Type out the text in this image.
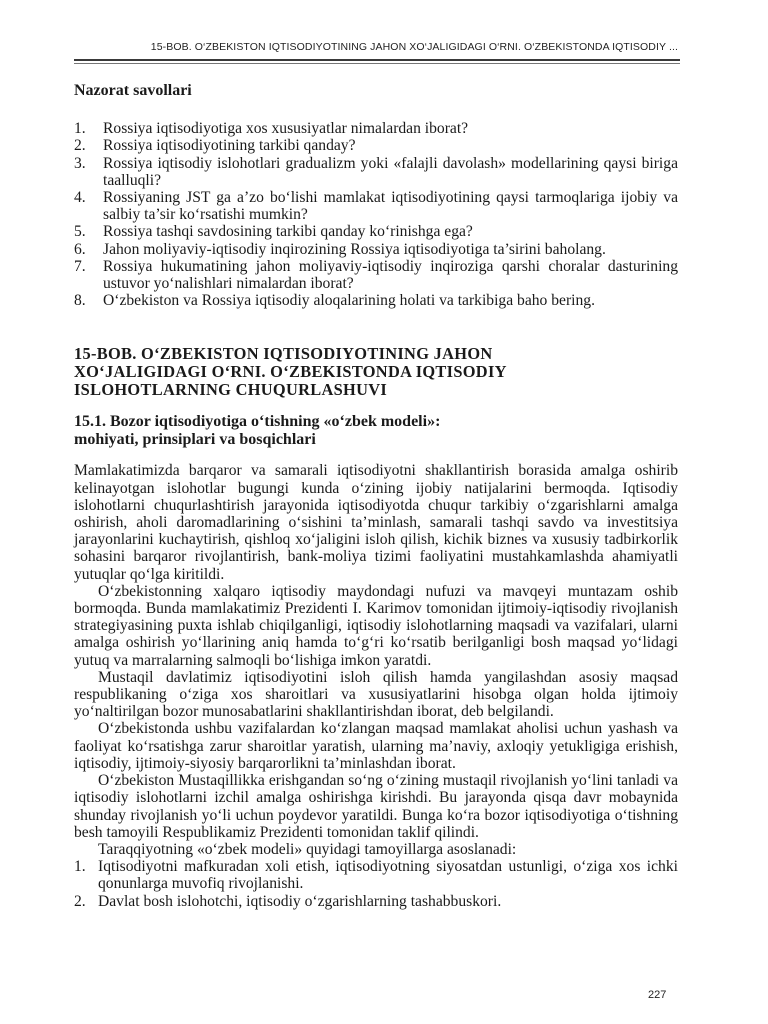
15-BOB. O‘ZBEKISTON IQTISODIYOTINING JAHON XO‘JALIGIDAGI O‘RNI. O‘ZBEKISTONDA IQTISODIY ...
Nazorat savollari
1.	Rossiya iqtisodiyotiga xos xususiyatlar nimalardan iborat?
2.	Rossiya iqtisodiyotining tarkibi qanday?
3.	Rossiya iqtisodiy islohotlari gradualizm yoki «falajli davolash» modellarining qaysi biriga taalluqli?
4.	Rossiyaning JST ga a’zo bo‘lishi mamlakat iqtisodiyotining qaysi tarmoqlariga ijobiy va salbiy ta’sir ko‘rsatishi mumkin?
5.	Rossiya tashqi savdosining tarkibi qanday ko‘rinishga ega?
6.	Jahon moliyaviy-iqtisodiy inqirozining Rossiya iqtisodiyotiga ta’sirini baholang.
7.	Rossiya hukumatining jahon moliyaviy-iqtisodiy inqiroziga qarshi choralar dasturining ustuvor yo‘nalishlari nimalardan iborat?
8.	O‘zbekiston va Rossiya iqtisodiy aloqalarining holati va tarkibiga baho bering.
15-BOB. O‘ZBEKISTON IQTISODIYOTINING JAHON
XO‘JALIGIDAGI O‘RNI. O‘ZBEKISTONDA IQTISODIY
ISLOHOTLARNING CHUQURLASHUVI
15.1. Bozor iqtisodiyotiga o‘tishning «o‘zbek modeli»:
mohiyati, prinsiplari va bosqichlari

Mamlakatimizda barqaror va samarali iqtisodiyotni shakllantirish borasida amalga oshirib kelinayotgan islohotlar bugungi kunda o‘zining ijobiy natijalarini bermoqda. Iqtisodiy islohotlarni chuqurlashtirish jarayonida iqtisodiyotda chuqur tarkibiy o‘zgarishlarni amalga oshirish, aholi daromadlarining o‘sishini ta’minlash, samarali tashqi savdo va investitsiya jarayonlarini kuchaytirish, qishloq xo‘jaligini isloh qilish, kichik biznes va xususiy tadbirkorlik sohasini barqaror rivojlantirish, bank-moliya tizimi faoliyatini mustahkamlashda ahamiyatli yutuqlar qo‘lga kiritildi.

O‘zbekistonning xalqaro iqtisodiy maydondagi nufuzi va mavqeyi muntazam oshib bormoqda. Bunda mamlakatimiz Prezidenti I. Karimov tomonidan ijtimoiy-iqtisodiy rivojlanish strategiyasining puxta ishlab chiqilganligi, iqtisodiy islohotlarning maqsadi va vazifalari, ularni amalga oshirish yo‘llarining aniq hamda to‘g‘ri ko‘rsatib berilganligi bosh maqsad yo‘lidagi yutuq va marralarning salmoqli bo‘lishiga imkon yaratdi.

Mustaqil davlatimiz iqtisodiyotini isloh qilish hamda yangilashdan asosiy maqsad respublikaning o‘ziga xos sharoitlari va xususiyatlarini hisobga olgan holda ijtimoiy yo‘naltirilgan bozor munosabatlarini shakllantirishdan iborat, deb belgilandi.

O‘zbekistonda ushbu vazifalardan ko‘zlangan maqsad mamlakat aholisi uchun yashash va faoliyat ko‘rsatishga zarur sharoitlar yaratish, ularning ma’naviy, axloqiy yetukligiga erishish, iqtisodiy, ijtimoiy-siyosiy barqarorlikni ta’minlashdan iborat.

O‘zbekiston Mustaqillikka erishgandan so‘ng o‘zining mustaqil rivojlanish yo‘lini tanladi va iqtisodiy islohotlarni izchil amalga oshirishga kirishdi. Bu jarayonda qisqa davr mobaynida shunday rivojlanish yo‘li uchun poydevor yaratildi. Bunga ko‘ra bozor iqtisodiyotiga o‘tishning besh tamoyili Respublikamiz Prezidenti tomonidan taklif qilindi.

Taraqqiyotning «o‘zbek modeli» quyidagi tamoyillarga asoslanadi:

1. Iqtisodiyotni mafkuradan xoli etish, iqtisodiyotning siyosatdan ustunligi, o‘ziga xos ichki qonunlarga muvofiq rivojlanishi.
2. Davlat bosh islohotchi, iqtisodiy o‘zgarishlarning tashabbuskori.
227
